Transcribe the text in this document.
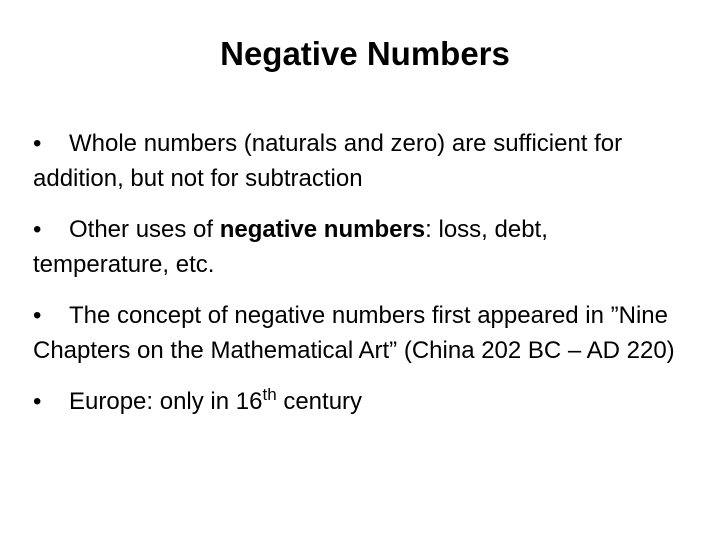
Negative Numbers
• Whole numbers (naturals and zero) are sufficient for addition, but not for subtraction
• Other uses of negative numbers: loss, debt, temperature, etc.
• The concept of negative numbers first appeared in ”Nine Chapters on the Mathematical Art” (China 202 BC – AD 220)
• Europe: only in 16th century
